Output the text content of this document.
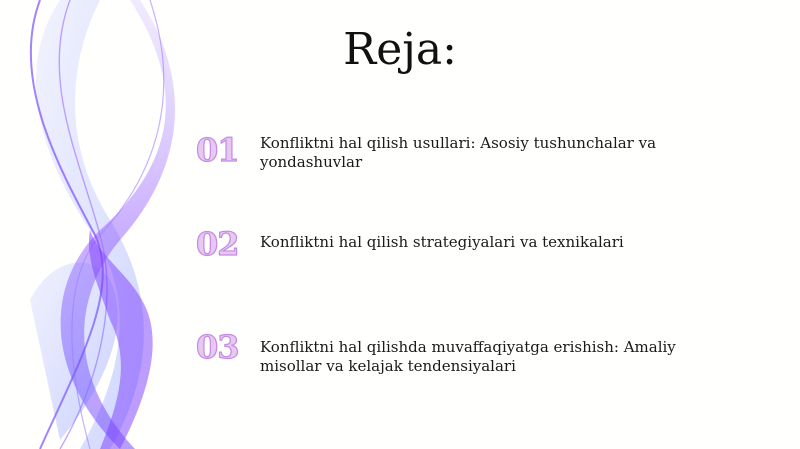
Reja:
01	Konfliktni hal qilish usullari: Asosiy tushunchalar va yondashuvlar
02	Konfliktni hal qilish strategiyalari va texnikalari
03	Konfliktni hal qilishda muvaffaqiyatga erishish: Amaliy misollar va kelajak tendensiyalari
